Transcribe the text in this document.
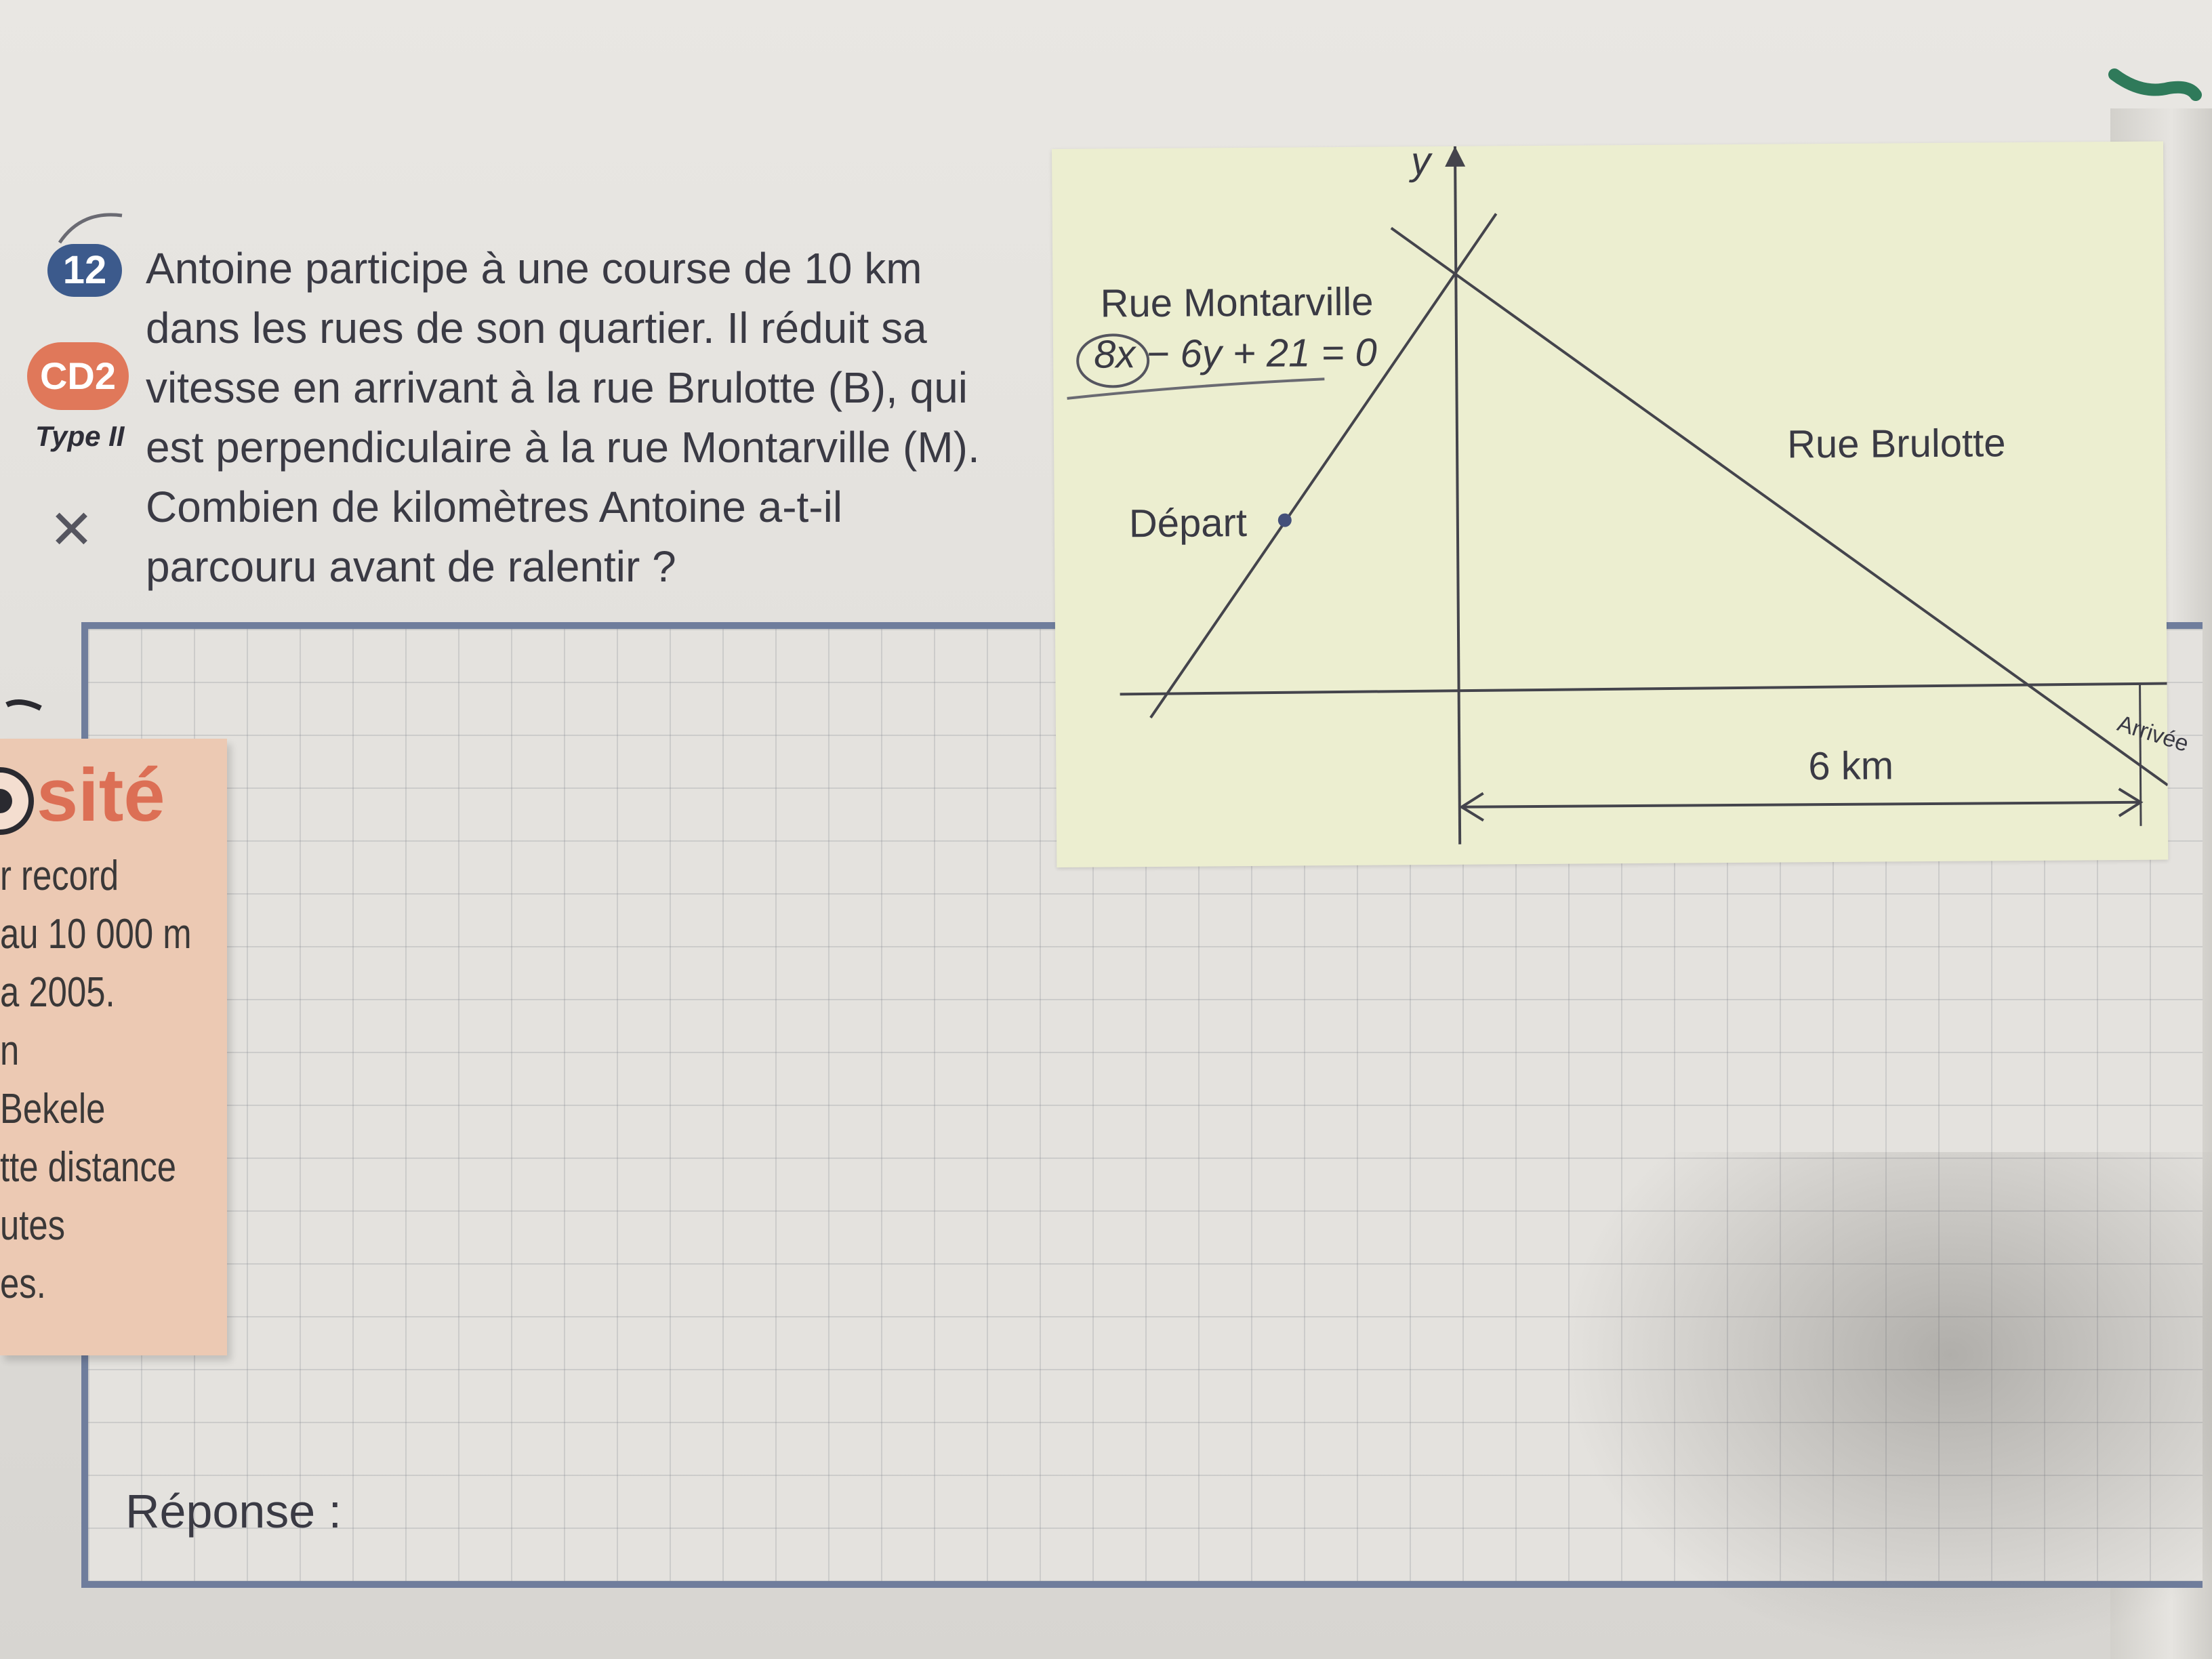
12
CD2
Type II
✕
Antoine participe à une course de 10 km
dans les rues de son quartier. Il réduit sa
vitesse en arrivant à la rue Brulotte (B), qui
est perpendiculaire à la rue Montarville (M).
Combien de kilomètres Antoine a-t-il
parcouru avant de ralentir ?
Réponse :
sité
r record
au 10 000 m
a 2005.
n
Bekele
tte distance
utes
es.
y
Rue Montarville
8x − 6y + 21 = 0
Rue Brulotte
Départ
6 km
Arrivée
